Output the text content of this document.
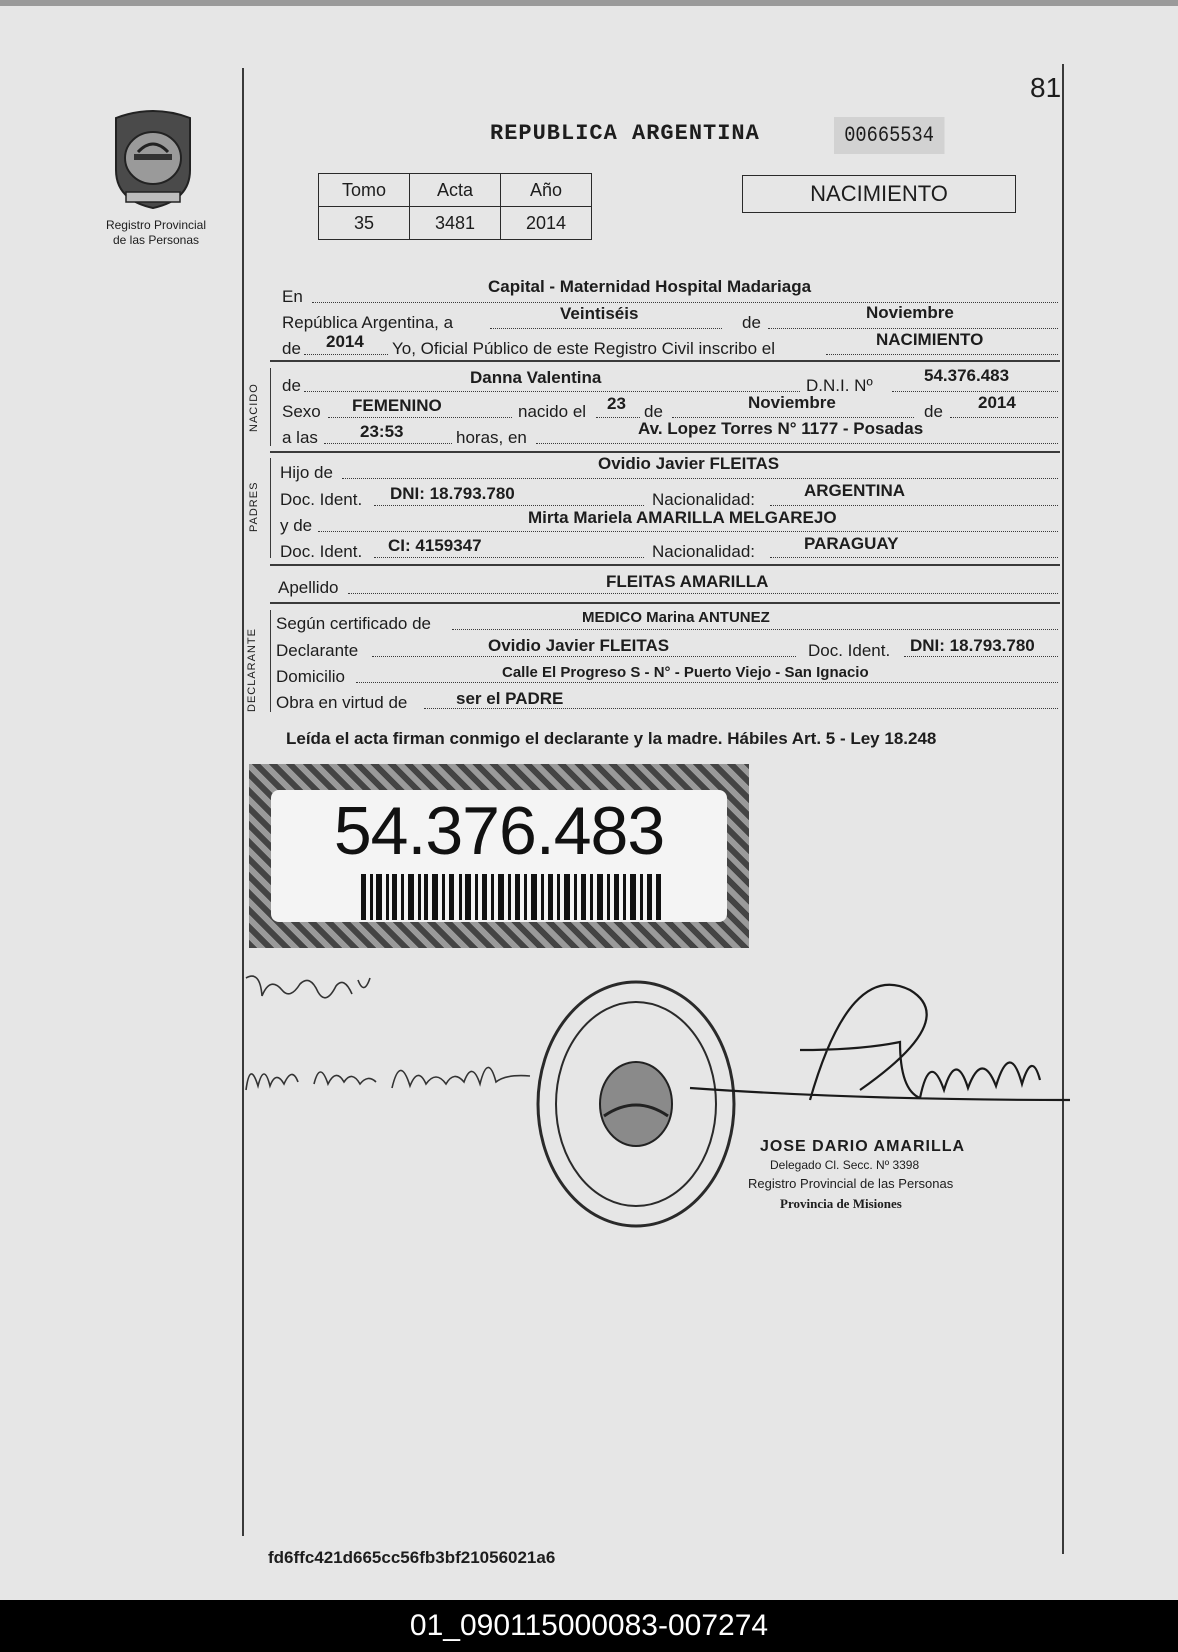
81
Registro Provincial
de las Personas
REPUBLICA ARGENTINA	00665534
Tomo	Acta	Año
35	3481	2014
NACIMIENTO
En
Capital - Maternidad Hospital Madariaga
República Argentina, a	Veintiséis	de
Noviembre
de 2014 Yo, Oficial Público de este Registro Civil inscribo el	NACIMIENTO
NACIDO de	Danna Valentina	D.N.I. Nº
54.376.483
Sexo FEMENINO	nacido el 23 de	Noviembre	de 2014
a las 23:53	horas, en	Av. Lopez Torres N° 1177 - Posadas
PADRES
Hijo de	Ovidio Javier FLEITAS
Doc. Ident. DNI: 18.793.780	Nacionalidad:	ARGENTINA
y de	Mirta Mariela AMARILLA MELGAREJO
Doc. Ident. CI: 4159347	Nacionalidad:	PARAGUAY
Apellido	FLEITAS AMARILLA
DECLARANTE
Según certificado de	MEDICO Marina ANTUNEZ
Declarante	Ovidio Javier FLEITAS	Doc. Ident. DNI: 18.793.780
Domicilio	Calle El Progreso S - N° - Puerto Viejo - San Ignacio
Obra en virtud de	ser el PADRE
Leída el acta firman conmigo el declarante y la madre. Hábiles Art. 5 - Ley 18.248
54.376.483
JOSE DARIO AMARILLA
Delegado Cl. Secc. Nº 3398
Registro Provincial de las Personas
Provincia de Misiones
fd6ffc421d665cc56fb3bf21056021a6
01_090115000083-007274
